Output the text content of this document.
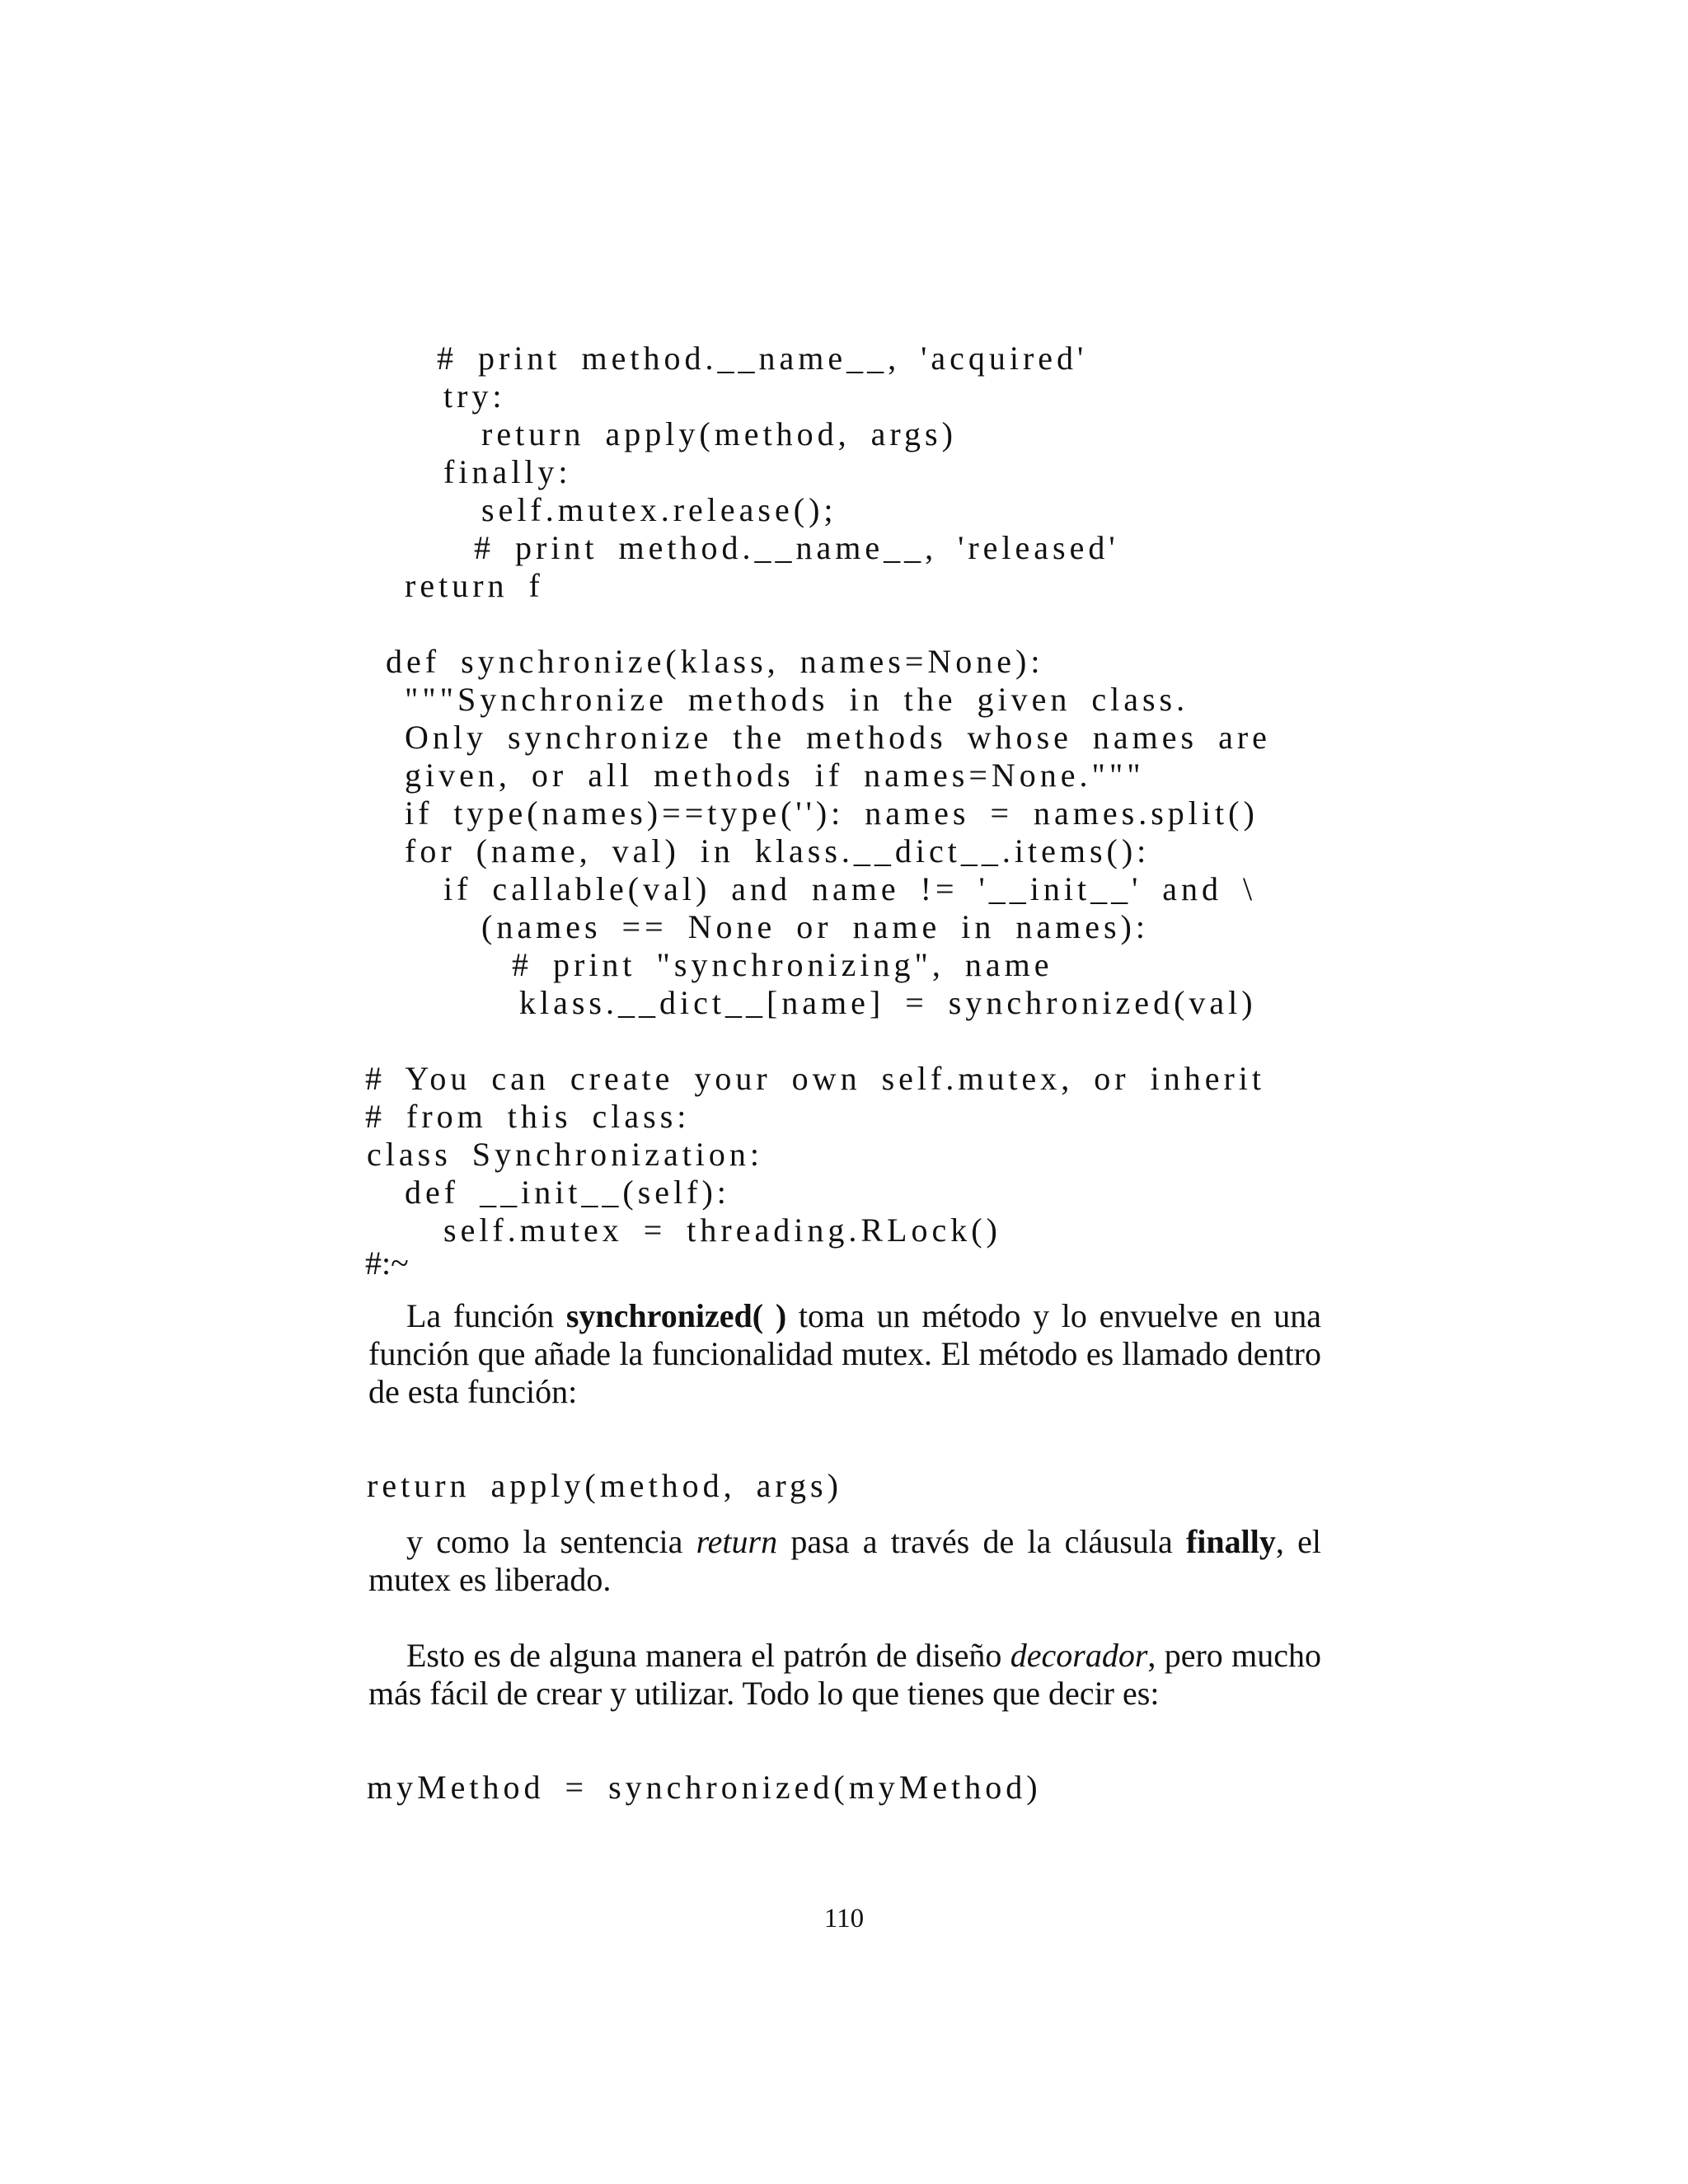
# print method.__name__, 'acquired'
try:
return apply(method, args)
finally:
self.mutex.release();
# print method.__name__, 'released'
return f
def synchronize(klass, names=None):
"""Synchronize methods in the given class.
Only synchronize the methods whose names are
given, or all methods if names=None."""
if type(names)==type(''): names = names.split()
for (name, val) in klass.__dict__.items():
if callable(val) and name != '__init__' and \
(names == None or name in names):
# print "synchronizing", name
klass.__dict__[name] = synchronized(val)
# You can create your own self.mutex, or inherit
# from this class:
class Synchronization:
def __init__(self):
self.mutex = threading.RLock()
#:~

La función synchronized( ) toma un método y lo envuelve en una función que añade la funcionalidad mutex. El método es llamado dentro de esta función:

return apply(method, args)

y como la sentencia return pasa a través de la cláusula finally, el mutex es liberado.

Esto es de alguna manera el patrón de diseño decorador, pero mucho más fácil de crear y utilizar. Todo lo que tienes que decir es:

myMethod = synchronized(myMethod)
110
